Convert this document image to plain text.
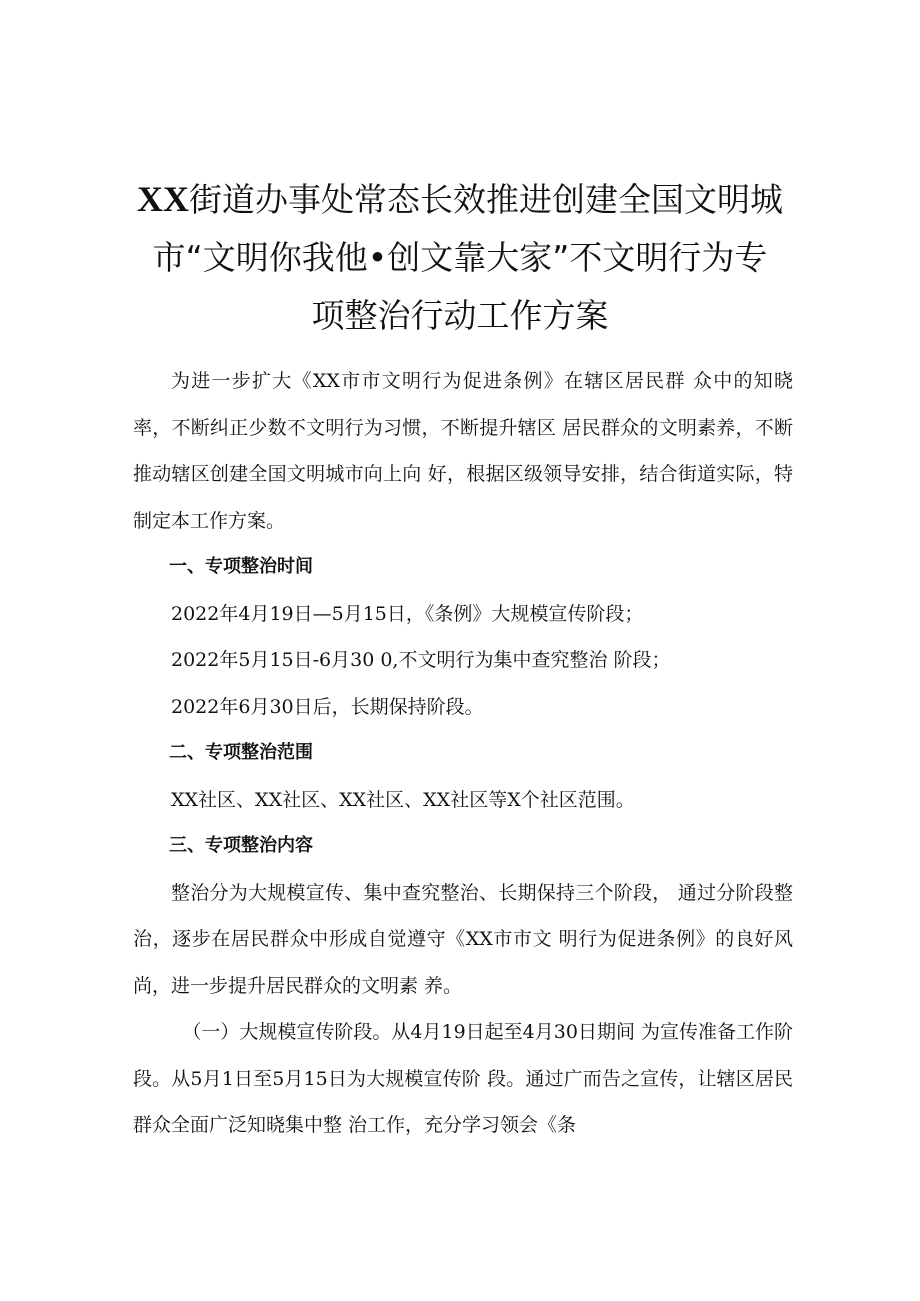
XX街道办事处常态长效推进创建全国文明城
市“文明你我他•创文靠大家”不文明行为专
项整治行动工作方案

为进一步扩大《XX市市文明行为促进条例》在辖区居民群 众中的知晓率，不断纠正少数不文明行为习惯，不断提升辖区 居民群众的文明素养，不断推动辖区创建全国文明城市向上向 好，根据区级领导安排，结合街道实际，特制定本工作方案。

一、专项整治时间

2022年4月19日—5月15日，《条例》大规模宣传阶段；

2022年5月15日-6月30 0,不文明行为集中查究整治 阶段；

2022年6月30日后，长期保持阶段。

二、专项整治范围

XX社区、XX社区、XX社区、XX社区等X个社区范围。

三、专项整治内容

整治分为大规模宣传、集中查究整治、长期保持三个阶段， 通过分阶段整治，逐步在居民群众中形成自觉遵守《XX市市文 明行为促进条例》的良好风尚，进一步提升居民群众的文明素 养。

（一）大规模宣传阶段。从4月19日起至4月30日期间 为宣传准备工作阶段。从5月1日至5月15日为大规模宣传阶 段。通过广而告之宣传，让辖区居民群众全面广泛知晓集中整 治工作，充分学习领会《条
